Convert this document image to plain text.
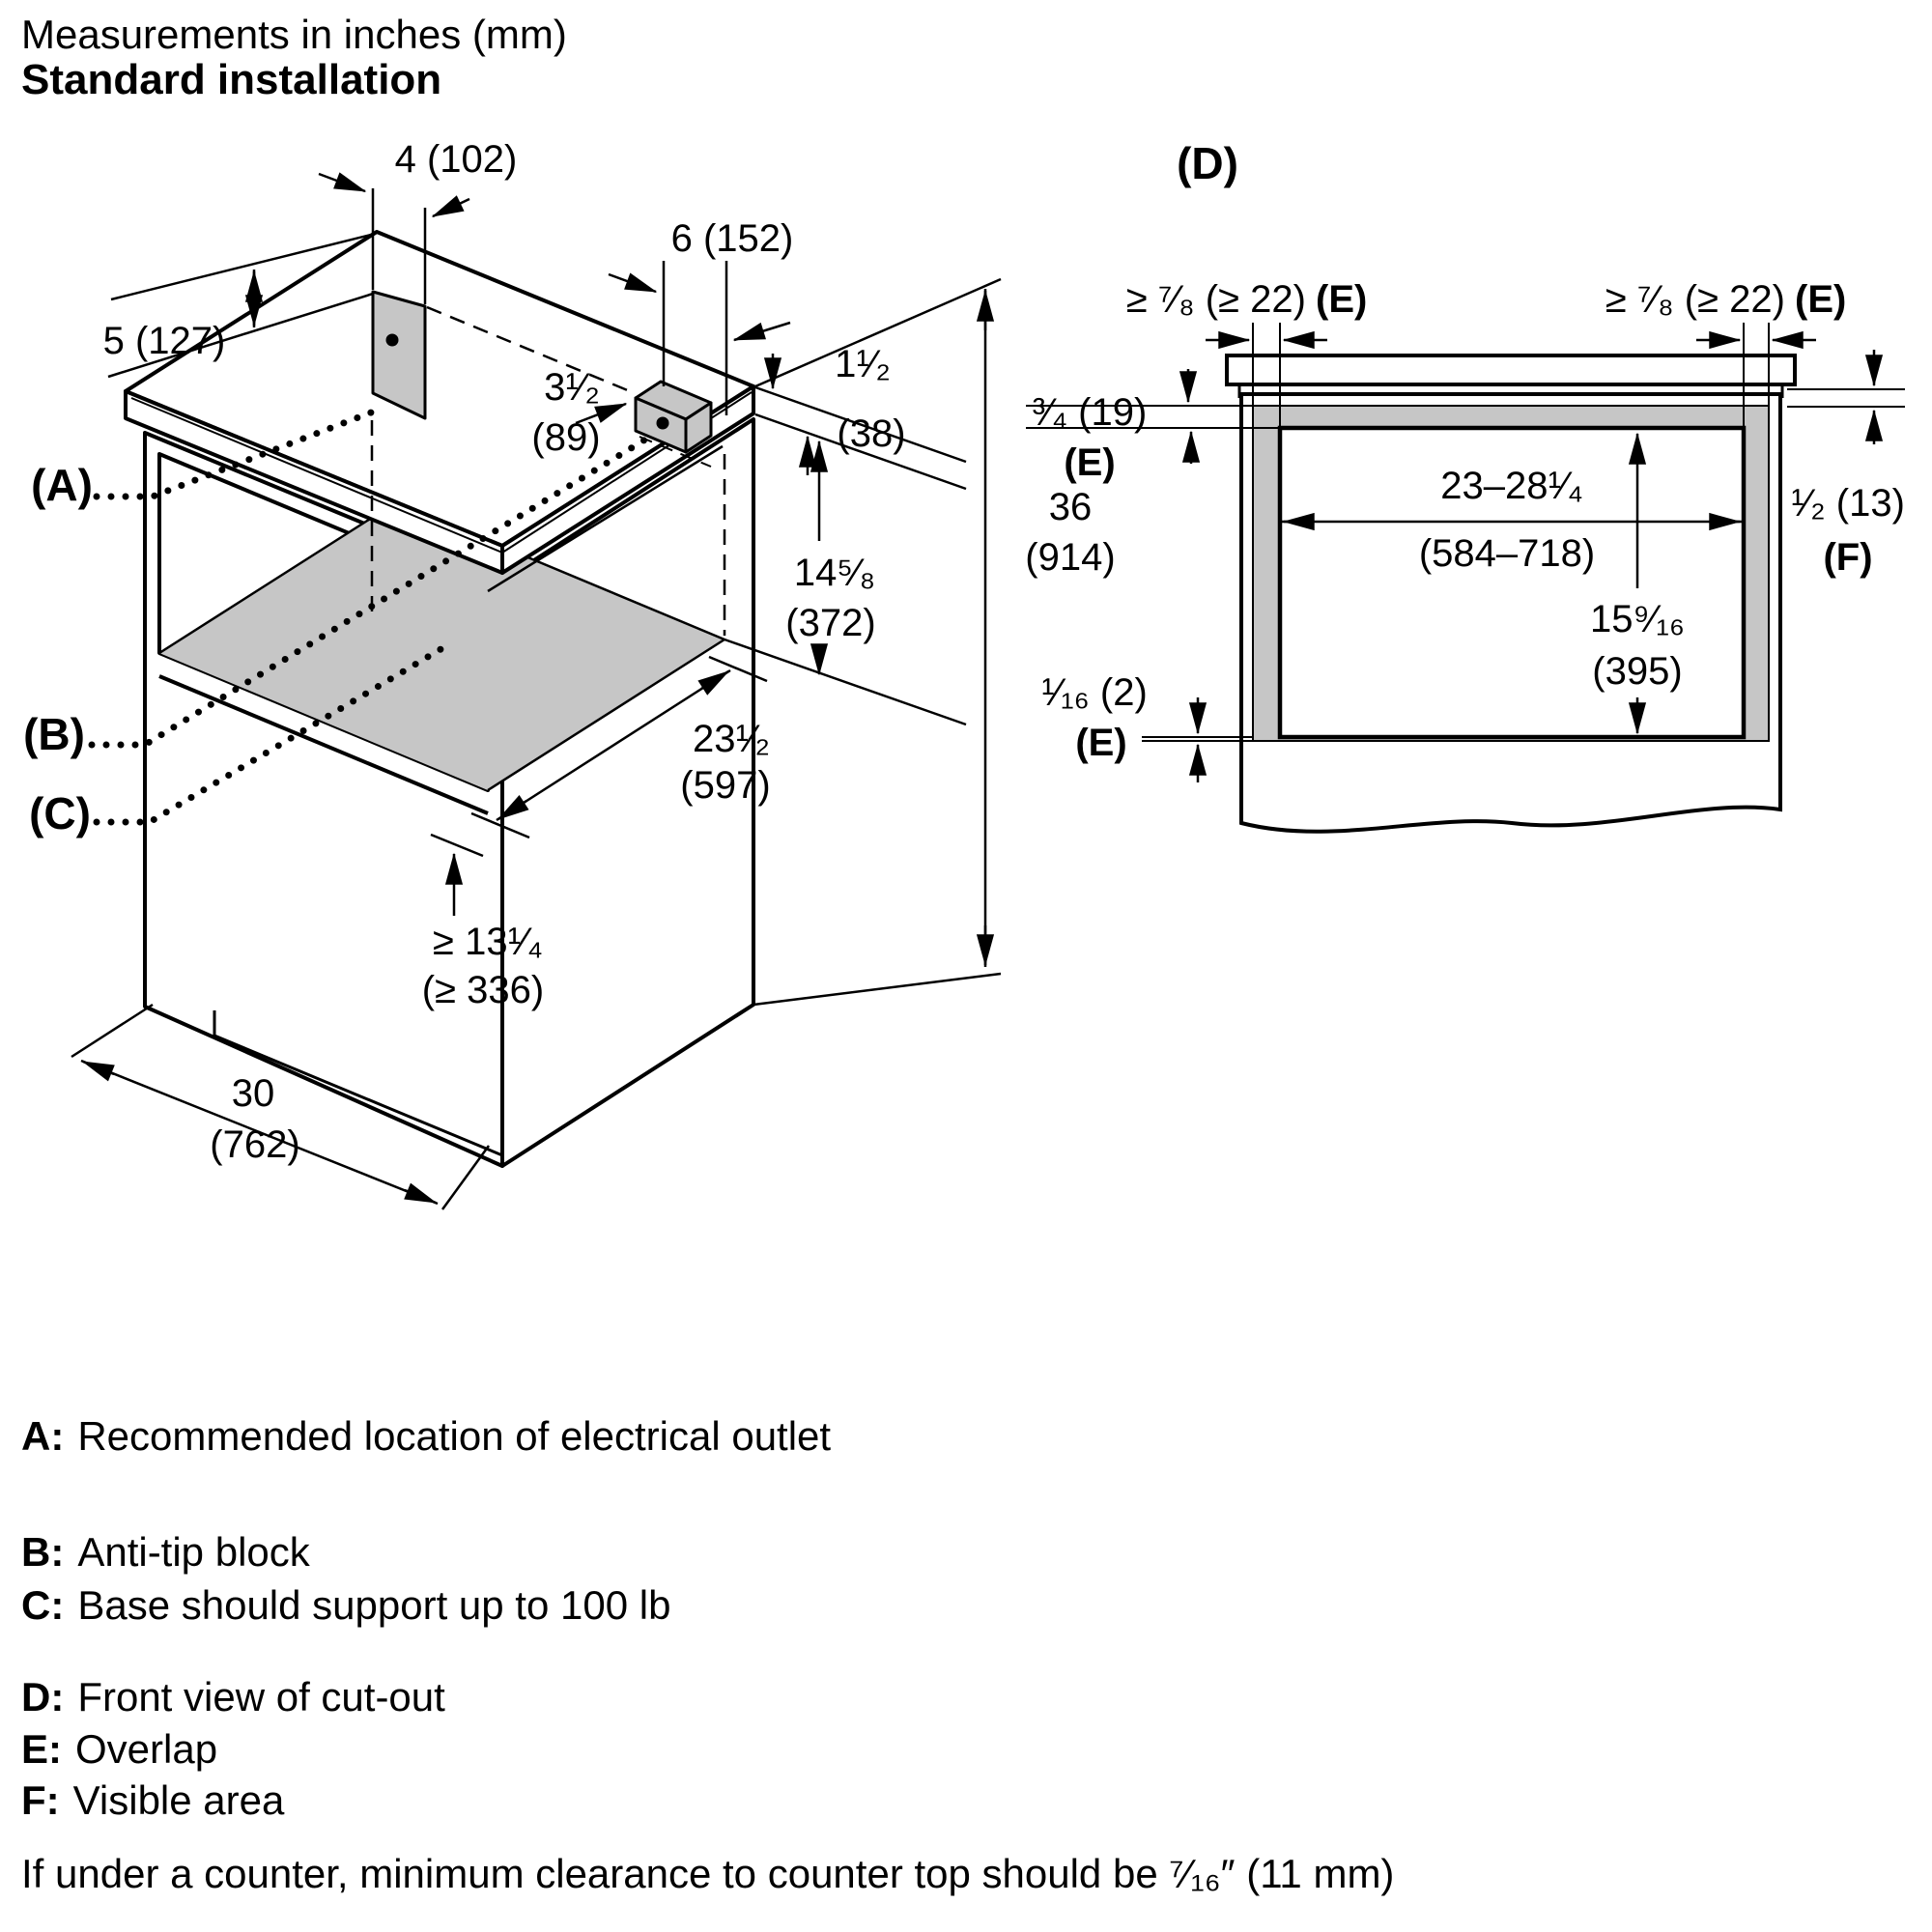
Measurements in inches (mm)
Standard installation
4 (102)
5 (127)
6 (152)
3¹⁄₂
(89)
1¹⁄₂
(38)
14⁵⁄₈
(372)
36
(914)
23¹⁄₂
(597)
≥ 13¹⁄₄
(≥ 336)
30
(762)
(A)
(B)
(C)
(D)
≥ ⁷⁄₈ (≥ 22) (E)	≥ ⁷⁄₈ (≥ 22) (E)
³⁄₄ (19)
(E)
23–28¹⁄₄
(584–718)
15⁹⁄₁₆
(395)
¹⁄₂ (13)
(F)
¹⁄₁₆ (2)
(E)
A: Recommended location of electrical outlet
B: Anti-tip block
C: Base should support up to 100 lb
D: Front view of cut-out
E: Overlap
F: Visible area
If under a counter, minimum clearance to counter top should be ⁷⁄₁₆″ (11 mm)
